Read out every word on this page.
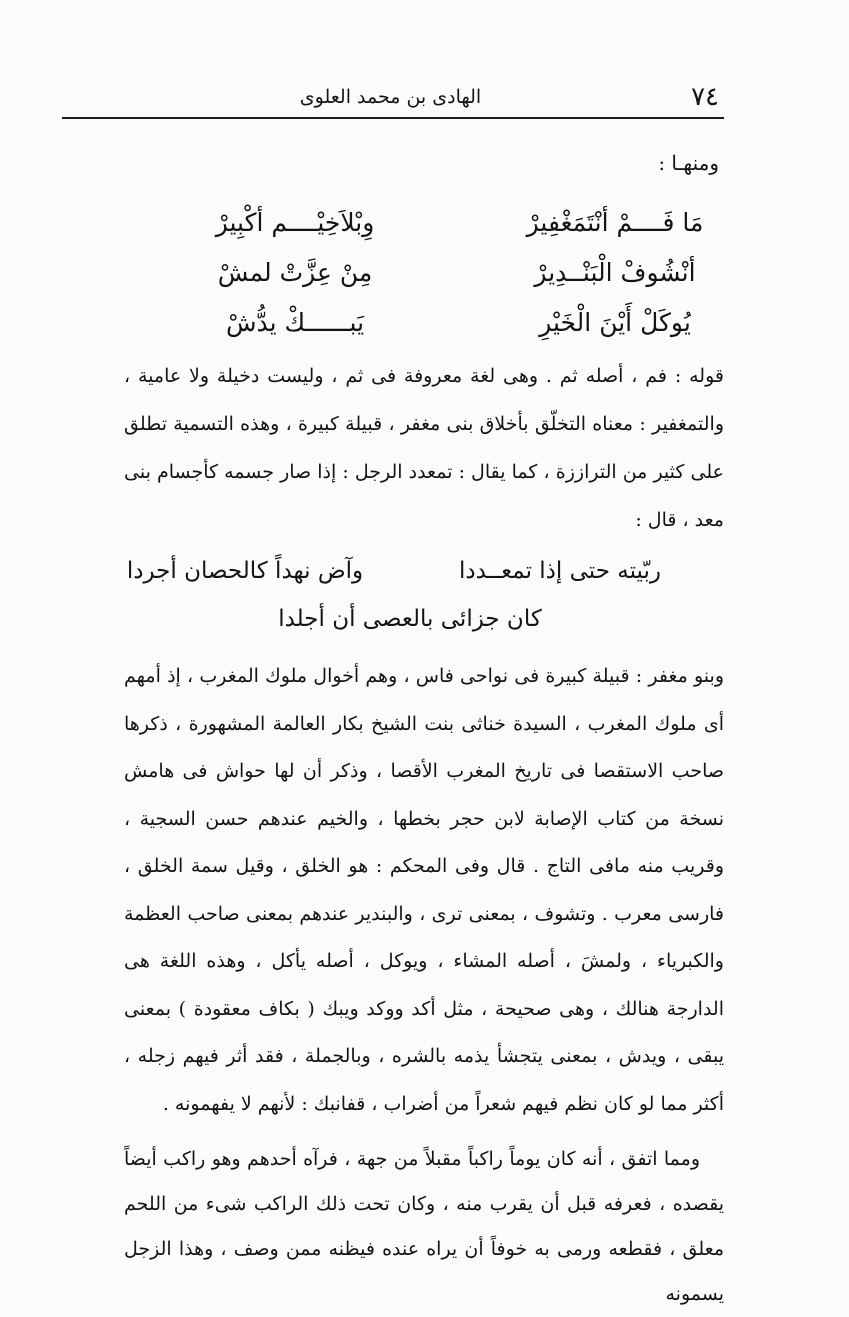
٧٤
الهادى بن محمد العلوى
ومنهـا :
مَا فَــــمْ أنْتَمَغْفِيرْ
وِبْلاَخِيْــــم أكْبِيرْ
أنْشُوفْ الْبَنْــدِيرْ
مِنْ عِزَّتْ لمشْ
يُوكَلْ أَيْنَ الْخَيْرِ
يَبــــــكْ يدُّشْ

قوله : فم ، أصله ثم . وهى لغة معروفة فى ثم ، وليست دخيلة ولا عامية ، والتمغفير : معناه التخلّق بأخلاق بنى مغفر ، قبيلة كبيرة ، وهذه التسمية تطلق على كثير من التراززة ، كما يقال : تمعدد الرجل : إذا صار جسمه كأجسام بنى معد ، قال :

ربّيته حتى إذا تمعــددا
وآض نهداً كالحصان أجردا
كان جزائى بالعصى أن أجلدا

وبنو مغفر : قبيلة كبيرة فى نواحى فاس ، وهم أخوال ملوك المغرب ، إذ أمهم أى ملوك المغرب ، السيدة خناثى بنت الشيخ بكار العالمة المشهورة ، ذكرها صاحب الاستقصا فى تاريخ المغرب الأقصا ، وذكر أن لها حواش فى هامش نسخة من كتاب الإصابة لابن حجر بخطها ، والخيم عندهم حسن السجية ، وقريب منه مافى التاج . قال وفى المحكم : هو الخلق ، وقيل سمة الخلق ، فارسى معرب . وتشوف ، بمعنى ترى ، والبندير عندهم بمعنى صاحب العظمة والكبرياء ، ولمشَ ، أصله المشاء ، ويوكل ، أصله يأكل ، وهذه اللغة هى الدارجة هنالك ، وهى صحيحة ، مثل أكد ووكد ويبك ( بكاف معقودة ) بمعنى يبقى ، ويدش ، بمعنى يتجشأ يذمه بالشره ، وبالجملة ، فقد أثر فيهم زجله ، أكثر مما لو كان نظم فيهم شعراً من أضراب ، قفانبك : لأنهم لا يفهمونه .

ومما اتفق ، أنه كان يوماً راكباً مقبلاً من جهة ، فرآه أحدهم وهو راكب أيضاً يقصده ، فعرفه قبل أن يقرب منه ، وكان تحت ذلك الراكب شىء من اللحم معلق ، فقطعه ورمى به خوفاً أن يراه عنده فيظنه ممن وصف ، وهذا الزجل يسمونه
